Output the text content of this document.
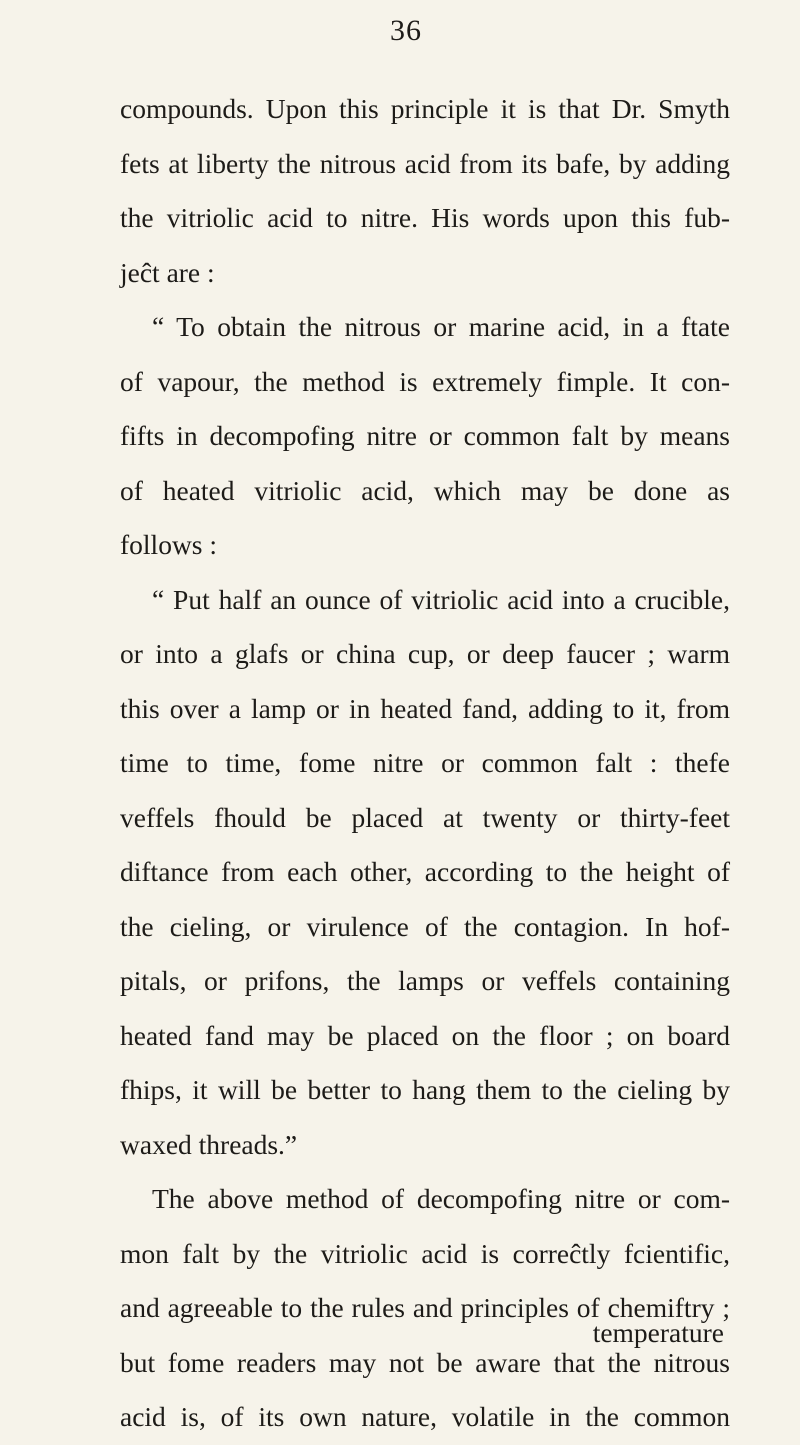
36
compounds. Upon this principle it is that Dr. Smyth
fets at liberty the nitrous acid from its bafe, by adding
the vitriolic acid to nitre. His words upon this fub-
jeĉt are :
“ To obtain the nitrous or marine acid, in a ftate
of vapour, the method is extremely fimple. It con-
fifts in decompofing nitre or common falt by means
of heated vitriolic acid, which may be done as
follows :
“ Put half an ounce of vitriolic acid into a crucible,
or into a glafs or china cup, or deep faucer ; warm
this over a lamp or in heated fand, adding to it, from
time to time, fome nitre or common falt : thefe
veffels fhould be placed at twenty or thirty-feet
diftance from each other, according to the height of
the cieling, or virulence of the contagion. In hof-
pitals, or prifons, the lamps or veffels containing
heated fand may be placed on the floor ; on board
fhips, it will be better to hang them to the cieling by
waxed threads.”
The above method of decompofing nitre or com-
mon falt by the vitriolic acid is correĉtly fcientific,
and agreeable to the rules and principles of chemiftry ;
but fome readers may not be aware that the nitrous
acid is, of its own nature, volatile in the common
temperature
